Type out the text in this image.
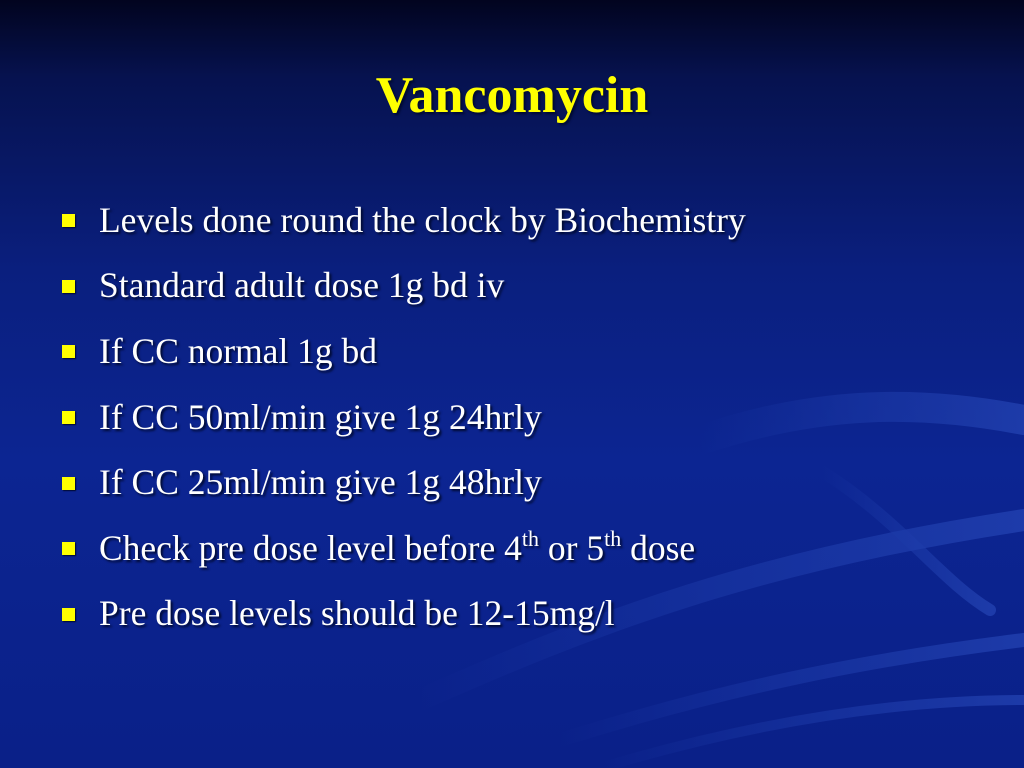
Vancomycin
Levels done round the clock by Biochemistry
Standard adult dose 1g bd iv
If CC normal 1g bd
If CC 50ml/min give 1g 24hrly
If CC 25ml/min give 1g 48hrly
Check pre dose level before 4th or 5th dose
Pre dose levels should be 12-15mg/l
